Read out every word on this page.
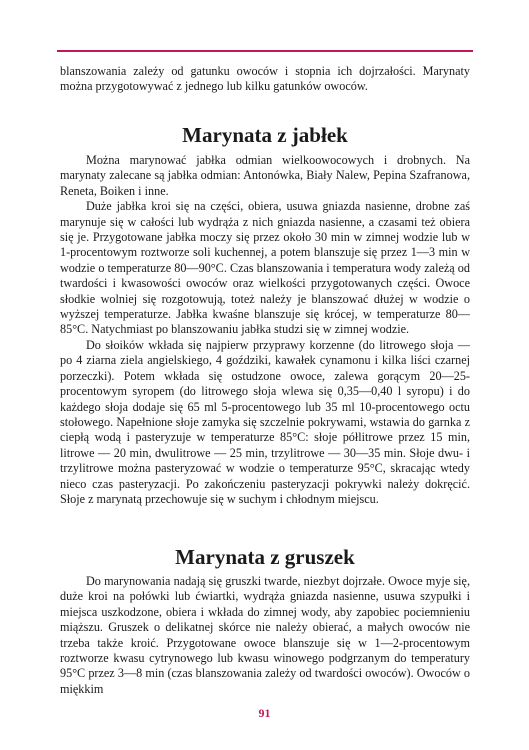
blanszowania zależy od gatunku owoców i stopnia ich dojrzałości. Marynaty można przygotowywać z jednego lub kilku gatunków owoców.

Marynata z jabłek

Można marynować jabłka odmian wielkoowocowych i drobnych. Na marynaty zalecane są jabłka odmian: Antonówka, Biały Nalew, Pepina Szafranowa, Reneta, Boiken i inne.

Duże jabłka kroi się na części, obiera, usuwa gniazda nasienne, drobne zaś marynuje się w całości lub wydrąża z nich gniazda nasienne, a czasami też obiera się je. Przygotowane jabłka moczy się przez około 30 min w zimnej wodzie lub w 1-procentowym roztworze soli kuchennej, a potem blanszuje się przez 1—3 min w wodzie o temperaturze 80—90°C. Czas blanszowania i temperatura wody zależą od twardości i kwasowości owoców oraz wielkości przygotowanych części. Owoce słodkie wolniej się rozgotowują, toteż należy je blanszować dłużej w wodzie o wyższej temperaturze. Jabłka kwaśne blanszuje się krócej, w temperaturze 80—85°C. Natychmiast po blanszowaniu jabłka studzi się w zimnej wodzie.

Do słoików wkłada się najpierw przyprawy korzenne (do litrowego słoja — po 4 ziarna ziela angielskiego, 4 goździki, kawałek cynamonu i kilka liści czarnej porzeczki). Potem wkłada się ostudzone owoce, zalewa gorącym 20—25-procentowym syropem (do litrowego słoja wlewa się 0,35—0,40 l syropu) i do każdego słoja dodaje się 65 ml 5-procentowego lub 35 ml 10-procentowego octu stołowego. Napełnione słoje zamyka się szczelnie pokrywami, wstawia do garnka z ciepłą wodą i pasteryzuje w temperaturze 85°C: słoje półlitrowe przez 15 min, litrowe — 20 min, dwulitrowe — 25 min, trzylitrowe — 30—35 min. Słoje dwu- i trzylitrowe można pasteryzować w wodzie o temperaturze 95°C, skracając wtedy nieco czas pasteryzacji. Po zakończeniu pasteryzacji pokrywki należy dokręcić. Słoje z marynatą przechowuje się w suchym i chłodnym miejscu.

Marynata z gruszek

Do marynowania nadają się gruszki twarde, niezbyt dojrzałe. Owoce myje się, duże kroi na połówki lub ćwiartki, wydrąża gniazda nasienne, usuwa szypułki i miejsca uszkodzone, obiera i wkłada do zimnej wody, aby zapobiec pociemnieniu miąższu. Gruszek o delikatnej skórce nie należy obierać, a małych owoców nie trzeba także kroić. Przygotowane owoce blanszuje się w 1—2-procentowym roztworze kwasu cytrynowego lub kwasu winowego podgrzanym do temperatury 95°C przez 3—8 min (czas blanszowania zależy od twardości owoców). Owoców o miękkim

91
